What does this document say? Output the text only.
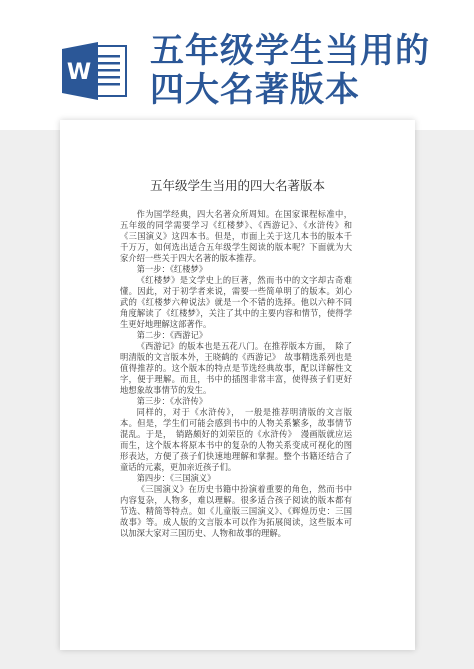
W
五年级学生当用的
四大名著版本
五年级学生当用的四大名著版本

作为国学经典，四大名著众所周知。在国家课程标准中，五年级的同学需要学习《红楼梦》、《西游记》、《水浒传》和《三国演义》这四本书。但是，市面上关于这几本书的版本千千万万，如何选出适合五年级学生阅读的版本呢？下面就为大家介绍一些关于四大名著的版本推荐。

第一步：《红楼梦》

《红楼梦》是文学史上的巨著，然而书中的文字却古奇难懂。因此，对于初学者来说，需要一些简单明了的版本。刘心武的《红楼梦六种说法》就是一个不错的选择。他以六种不同角度解读了《红楼梦》，关注了其中的主要内容和情节，使得学生更好地理解这部著作。

第二步：《西游记》

《西游记》的版本也是五花八门。在推荐版本方面，　除了明清版的文言版本外，王晓鹤的《西游记》　故事精选系列也是值得推荐的。这个版本的特点是节选经典故事，配以详解性文字，便于理解。而且，书中的插图非常丰富，使得孩子们更好地想象故事情节的发生。

第三步：《水浒传》

同样的，对于《水浒传》，　一般是推荐明清版的文言版本。但是，学生们可能会感到书中的人物关系繁多，故事情节混乱。于是，　销路颇好的刘荣臣的《水浒传》　漫画版就应运而生，这个版本将原本书中的复杂的人物关系变成可视化的图形表达，方便了孩子们快速地理解和掌握。整个书籍还结合了童话的元素，更加亲近孩子们。

第四步：《三国演义》

《三国演义》在历史书籍中扮演着重要的角色，然而书中内容复杂，人物多，难以理解。很多适合孩子阅读的版本都有节选、精简等特点。如《儿童版三国演义》、《辉煌历史：三国故事》等。成人版的文言版本可以作为拓展阅读，这些版本可以加深大家对三国历史、人物和故事的理解。
